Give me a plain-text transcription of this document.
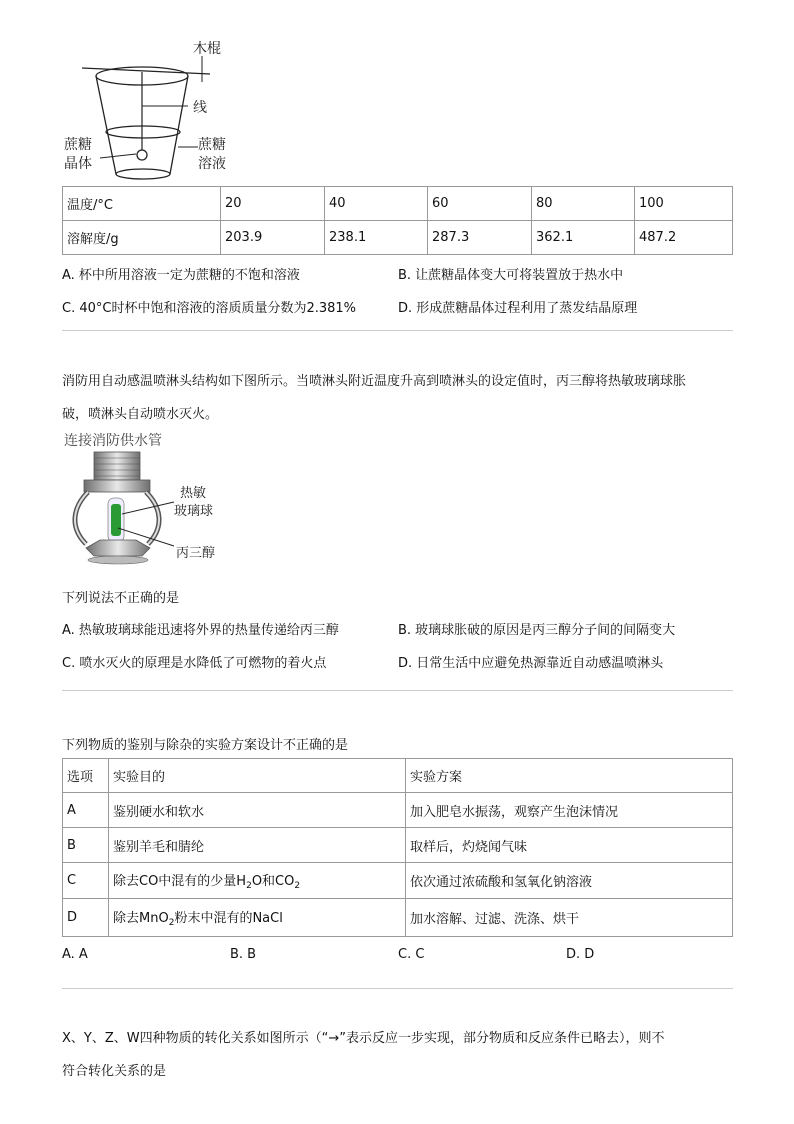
木棍
线
蔗糖
晶体
蔗糖
溶液
温度/°C	20	40	60	80	100
溶解度/g	203.9	238.1	287.3	362.1	487.2
A. 杯中所用溶液一定为蔗糖的不饱和溶液	B. 让蔗糖晶体变大可将装置放于热水中
C. 40°C时杯中饱和溶液的溶质质量分数为2.381%	D. 形成蔗糖晶体过程利用了蒸发结晶原理
消防用自动感温喷淋头结构如下图所示。当喷淋头附近温度升高到喷淋头的设定值时，丙三醇将热敏玻璃球胀
破，喷淋头自动喷水灭火。
连接消防供水管
热敏
玻璃球
丙三醇
下列说法不正确的是
A. 热敏玻璃球能迅速将外界的热量传递给丙三醇	B. 玻璃球胀破的原因是丙三醇分子间的间隔变大
C. 喷水灭火的原理是水降低了可燃物的着火点	D. 日常生活中应避免热源靠近自动感温喷淋头
下列物质的鉴别与除杂的实验方案设计不正确的是
选项	实验目的	实验方案
A	鉴别硬水和软水	加入肥皂水振荡，观察产生泡沫情况
B	鉴别羊毛和腈纶	取样后，灼烧闻气味
C	除去CO中混有的少量$H_2O$和$CO_2$	依次通过浓硫酸和氢氧化钠溶液
D	除去MnO$_2$粉末中混有的NaCl	加水溶解、过滤、洗涤、烘干
A. A	B. B	C. C	D. D
X、Y、Z、W四种物质的转化关系如图所示（“→”表示反应一步实现，部分物质和反应条件已略去），则不
符合转化关系的是
